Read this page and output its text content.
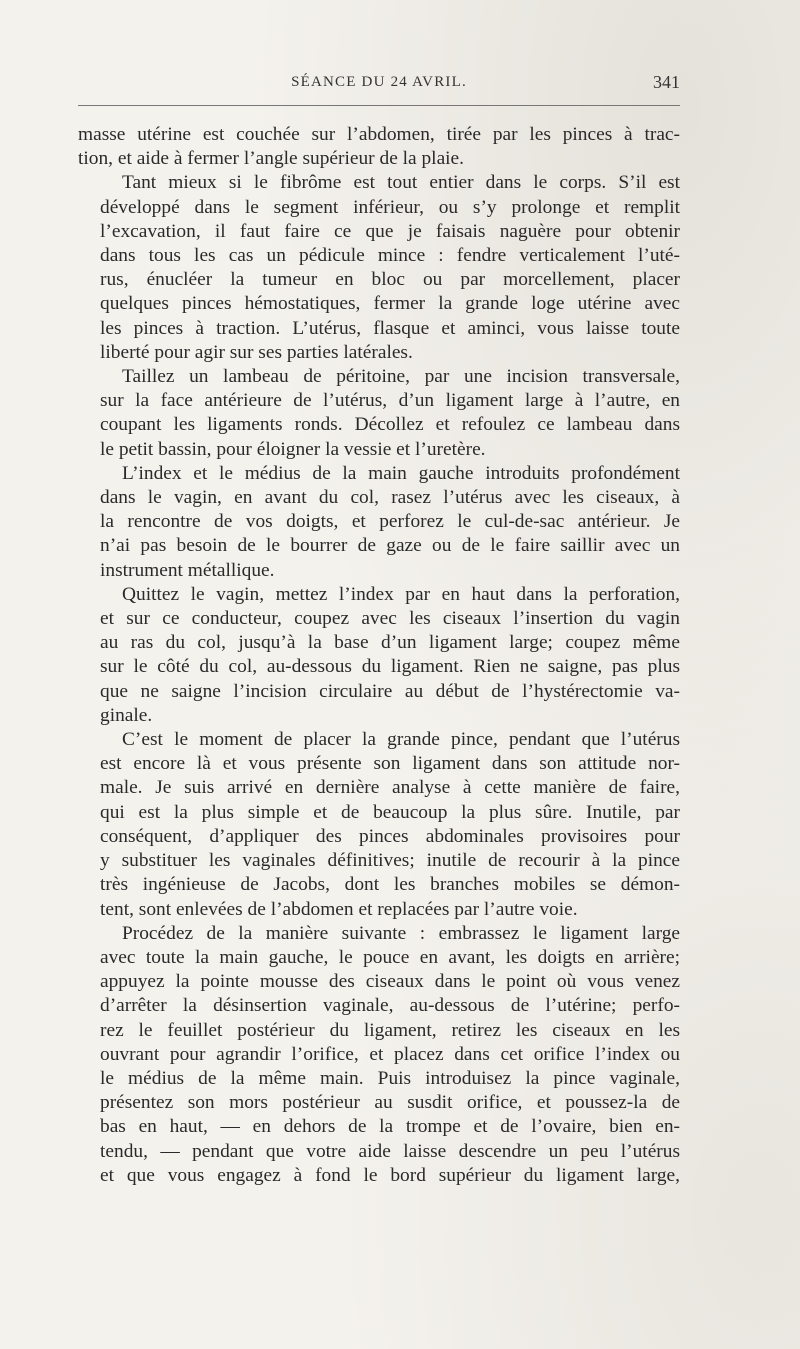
SÉANCE DU 24 AVRIL.	341
masse utérine est couchée sur l’abdomen, tirée par les pinces à trac-
tion, et aide à fermer l’angle supérieur de la plaie.
Tant mieux si le fibrôme est tout entier dans le corps. S’il est
développé dans le segment inférieur, ou s’y prolonge et remplit
l’excavation, il faut faire ce que je faisais naguère pour obtenir
dans tous les cas un pédicule mince : fendre verticalement l’uté-
rus, énucléer la tumeur en bloc ou par morcellement, placer
quelques pinces hémostatiques, fermer la grande loge utérine avec
les pinces à traction. L’utérus, flasque et aminci, vous laisse toute
liberté pour agir sur ses parties latérales.
Taillez un lambeau de péritoine, par une incision transversale,
sur la face antérieure de l’utérus, d’un ligament large à l’autre, en
coupant les ligaments ronds. Décollez et refoulez ce lambeau dans
le petit bassin, pour éloigner la vessie et l’uretère.
L’index et le médius de la main gauche introduits profondément
dans le vagin, en avant du col, rasez l’utérus avec les ciseaux, à
la rencontre de vos doigts, et perforez le cul-de-sac antérieur. Je
n’ai pas besoin de le bourrer de gaze ou de le faire saillir avec un
instrument métallique.
Quittez le vagin, mettez l’index par en haut dans la perforation,
et sur ce conducteur, coupez avec les ciseaux l’insertion du vagin
au ras du col, jusqu’à la base d’un ligament large; coupez même
sur le côté du col, au-dessous du ligament. Rien ne saigne, pas plus
que ne saigne l’incision circulaire au début de l’hystérectomie va-
ginale.
C’est le moment de placer la grande pince, pendant que l’utérus
est encore là et vous présente son ligament dans son attitude nor-
male. Je suis arrivé en dernière analyse à cette manière de faire,
qui est la plus simple et de beaucoup la plus sûre. Inutile, par
conséquent, d’appliquer des pinces abdominales provisoires pour
y substituer les vaginales définitives; inutile de recourir à la pince
très ingénieuse de Jacobs, dont les branches mobiles se démon-
tent, sont enlevées de l’abdomen et replacées par l’autre voie.
Procédez de la manière suivante : embrassez le ligament large
avec toute la main gauche, le pouce en avant, les doigts en arrière;
appuyez la pointe mousse des ciseaux dans le point où vous venez
d’arrêter la désinsertion vaginale, au-dessous de l’utérine; perfo-
rez le feuillet postérieur du ligament, retirez les ciseaux en les
ouvrant pour agrandir l’orifice, et placez dans cet orifice l’index ou
le médius de la même main. Puis introduisez la pince vaginale,
présentez son mors postérieur au susdit orifice, et poussez-la de
bas en haut, — en dehors de la trompe et de l’ovaire, bien en-
tendu, — pendant que votre aide laisse descendre un peu l’utérus
et que vous engagez à fond le bord supérieur du ligament large,
